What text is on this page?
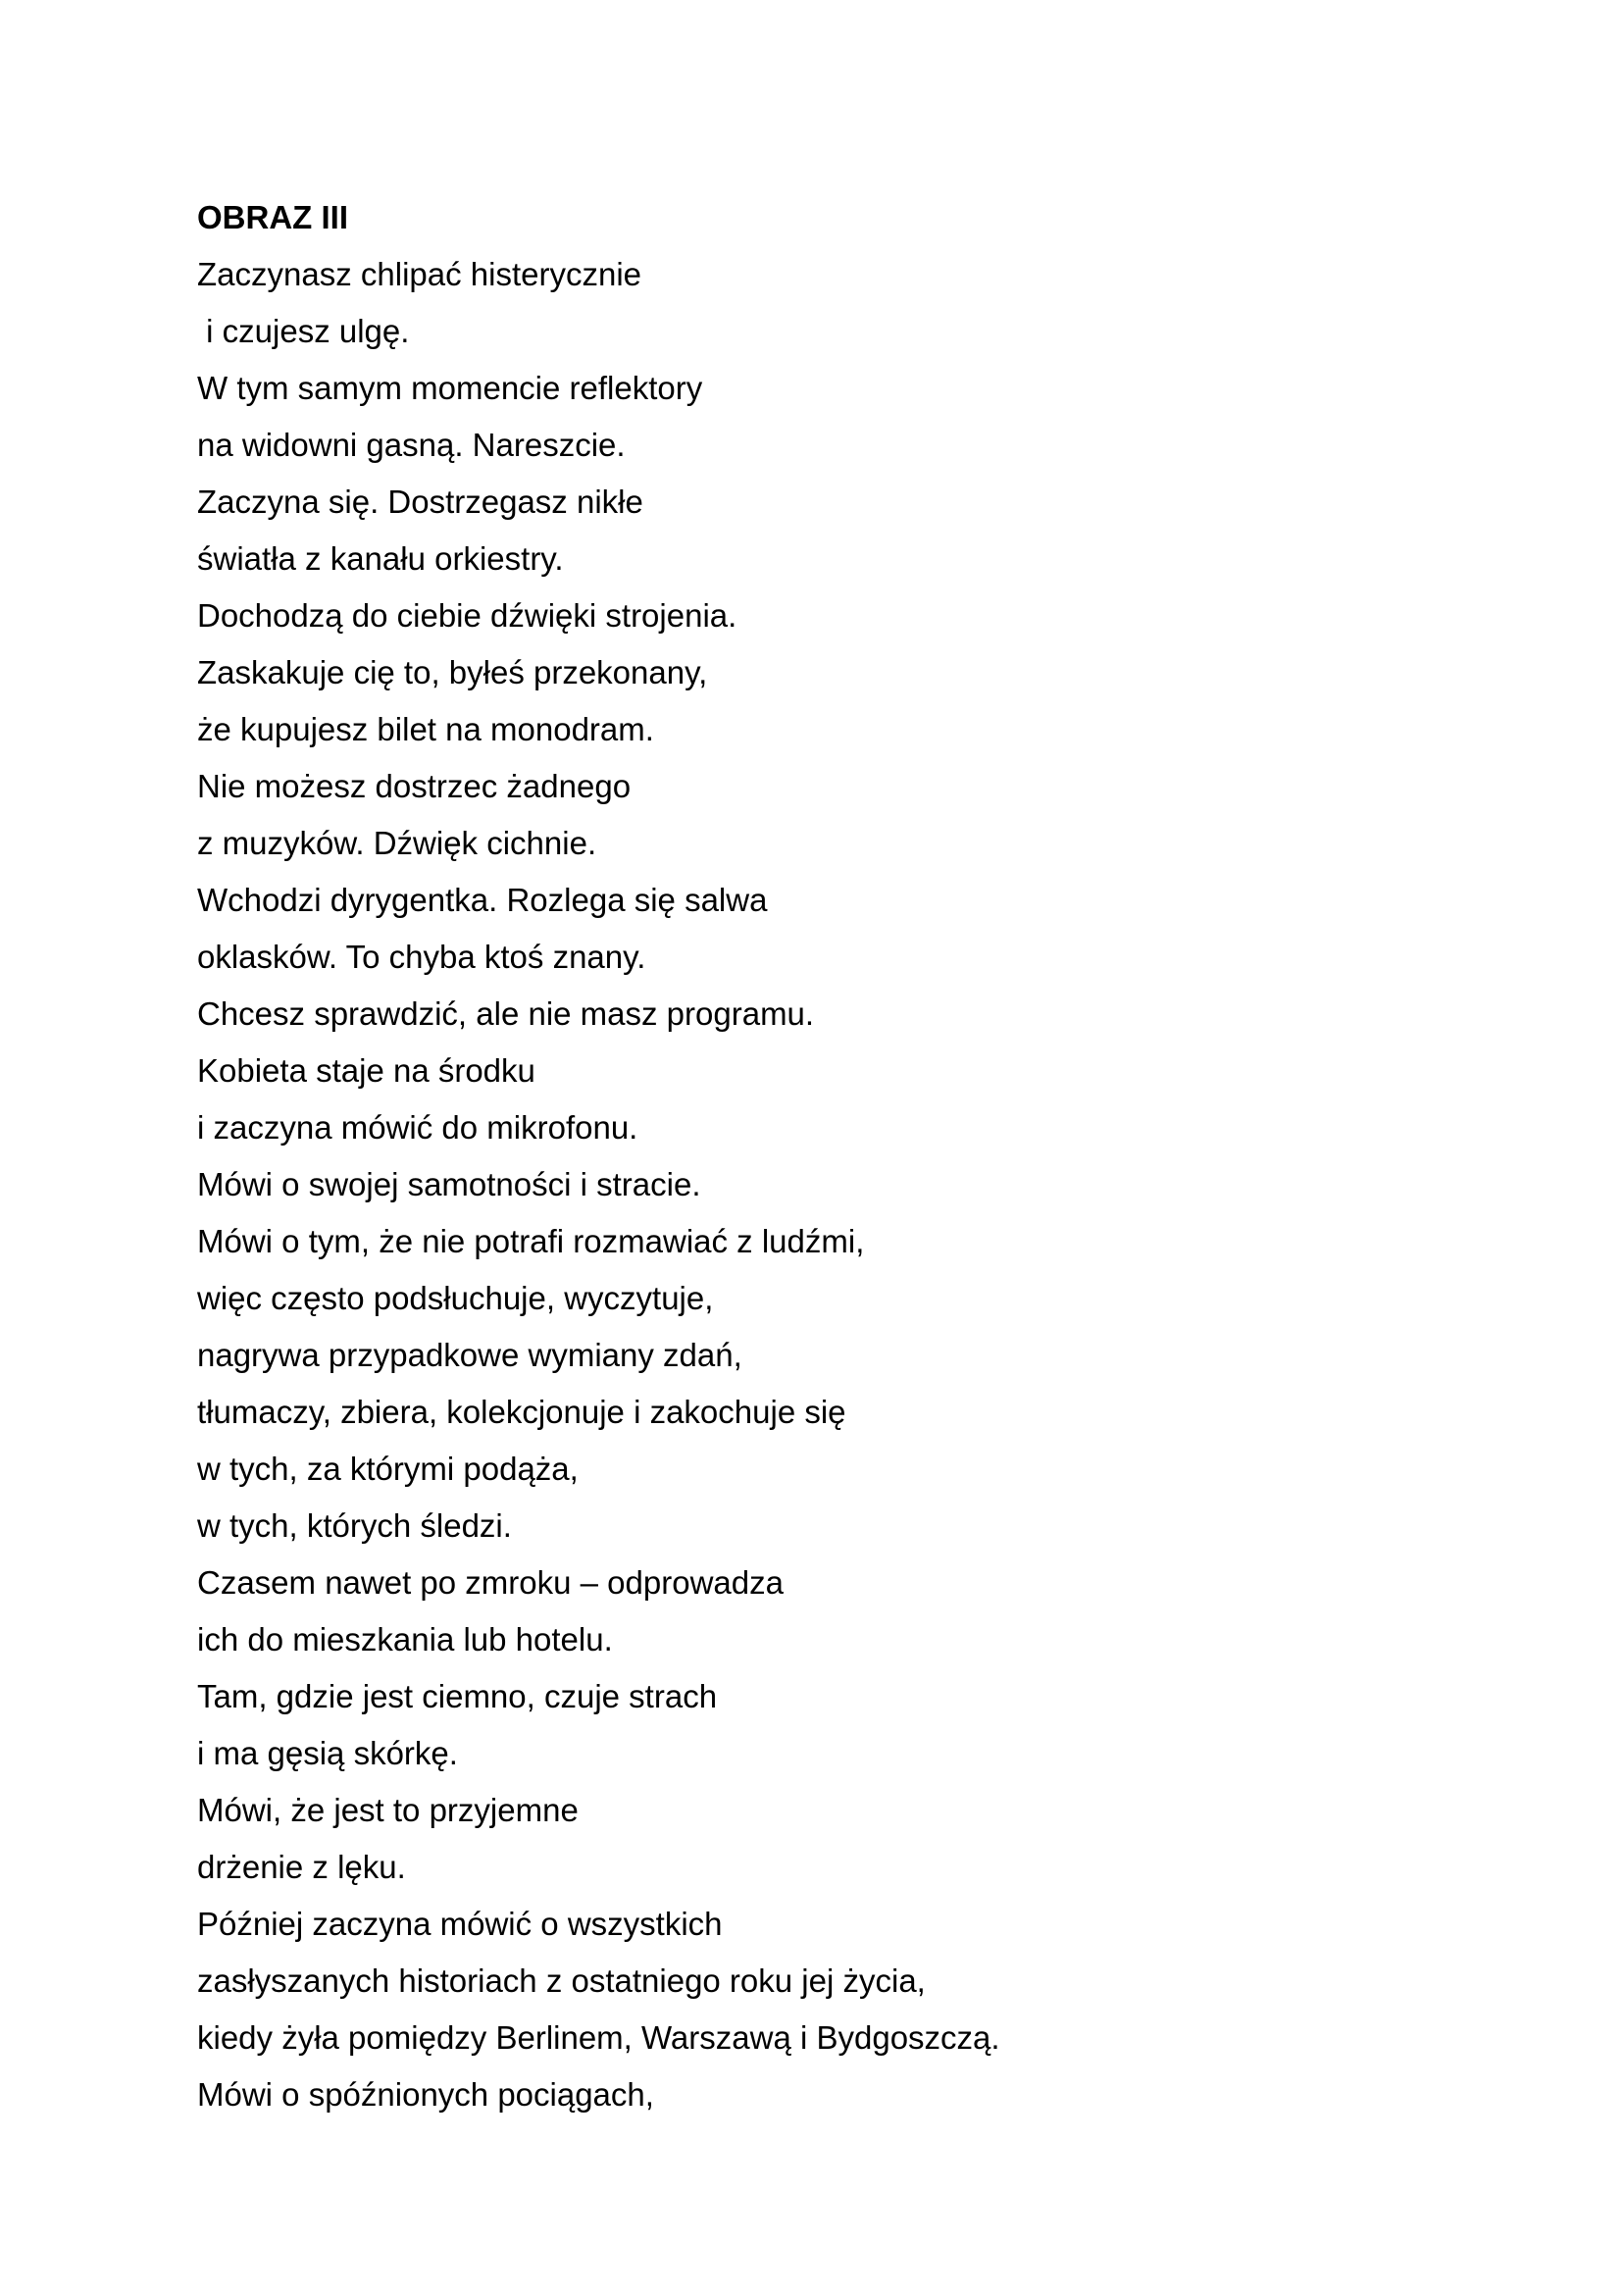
OBRAZ III
Zaczynasz chlipać histerycznie
i czujesz ulgę.
W tym samym momencie reflektory
na widowni gasną. Nareszcie.
Zaczyna się. Dostrzegasz nikłe
światła z kanału orkiestry.
Dochodzą do ciebie dźwięki strojenia.
Zaskakuje cię to, byłeś przekonany,
że kupujesz bilet na monodram.
Nie możesz dostrzec żadnego
z muzyków. Dźwięk cichnie.
Wchodzi dyrygentka. Rozlega się salwa
oklasków. To chyba ktoś znany.
Chcesz sprawdzić, ale nie masz programu.
Kobieta staje na środku
i zaczyna mówić do mikrofonu.
Mówi o swojej samotności i stracie.
Mówi o tym, że nie potrafi rozmawiać z ludźmi,
więc często podsłuchuje, wyczytuje,
nagrywa przypadkowe wymiany zdań,
tłumaczy, zbiera, kolekcjonuje i zakochuje się
w tych, za którymi podąża,
w tych, których śledzi.
Czasem nawet po zmroku – odprowadza
ich do mieszkania lub hotelu.
Tam, gdzie jest ciemno, czuje strach
i ma gęsią skórkę.
Mówi, że jest to przyjemne
drżenie z lęku.
Później zaczyna mówić o wszystkich
zasłyszanych historiach z ostatniego roku jej życia,
kiedy żyła pomiędzy Berlinem, Warszawą i Bydgoszczą.
Mówi o spóźnionych pociągach,
